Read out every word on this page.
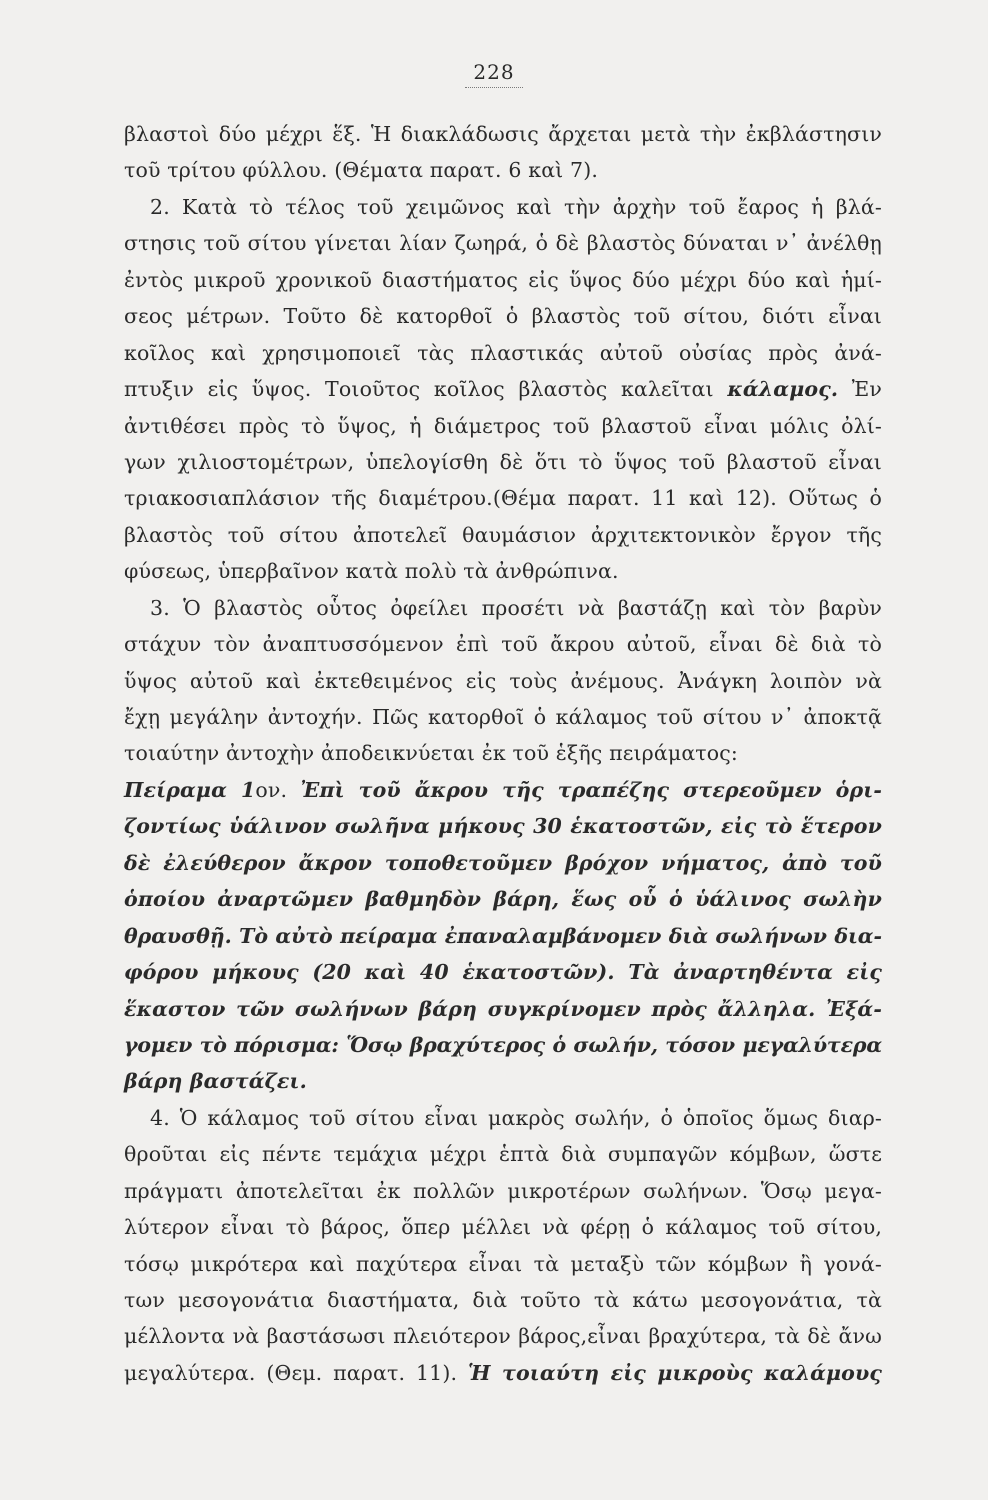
228
βλαστοὶ δύο μέχρι ἕξ. Ἡ διακλάδωσις ἄρχεται μετὰ τὴν ἐκβλάστησιν
τοῦ τρίτου φύλλου. (Θέματα παρατ. 6 καὶ 7).
2. Κατὰ τὸ τέλος τοῦ χειμῶνος καὶ τὴν ἀρχὴν τοῦ ἔαρος ἡ βλά-
στησις τοῦ σίτου γίνεται λίαν ζωηρά, ὁ δὲ βλαστὸς δύναται ν᾿ ἀνέλθῃ
ἐντὸς μικροῦ χρονικοῦ διαστήματος εἰς ὕψος δύο μέχρι δύο καὶ ἡμί-
σεος μέτρων. Τοῦτο δὲ κατορθοῖ ὁ βλαστὸς τοῦ σίτου, διότι εἶναι
κοῖλος καὶ χρησιμοποιεῖ τὰς πλαστικάς αὐτοῦ οὐσίας πρὸς ἀνά-
πτυξιν εἰς ὕψος. Τοιοῦτος κοῖλος βλαστὸς καλεῖται κάλαμος. Ἐν
ἀντιθέσει πρὸς τὸ ὕψος, ἡ διάμετρος τοῦ βλαστοῦ εἶναι μόλις ὀλί-
γων χιλιοστομέτρων, ὑπελογίσθη δὲ ὅτι τὸ ὕψος τοῦ βλαστοῦ εἶναι
τριακοσιαπλάσιον τῆς διαμέτρου.(Θέμα παρατ. 11 καὶ 12). Οὕτως ὁ
βλαστὸς τοῦ σίτου ἀποτελεῖ θαυμάσιον ἀρχιτεκτονικὸν ἔργον τῆς
φύσεως, ὑπερβαῖνον κατὰ πολὺ τὰ ἀνθρώπινα.
3. Ὁ βλαστὸς οὗτος ὀφείλει προσέτι νὰ βαστάζῃ καὶ τὸν βαρὺν
στάχυν τὸν ἀναπτυσσόμενον ἐπὶ τοῦ ἄκρου αὐτοῦ, εἶναι δὲ διὰ τὸ
ὕψος αὐτοῦ καὶ ἐκτεθειμένος εἰς τοὺς ἀνέμους. Ἀνάγκη λοιπὸν νὰ
ἔχῃ μεγάλην ἀντοχήν. Πῶς κατορθοῖ ὁ κάλαμος τοῦ σίτου ν᾿ ἀποκτᾷ
τοιαύτην ἀντοχὴν ἀποδεικνύεται ἐκ τοῦ ἑξῆς πειράματος:
Πείραμα 1ον. Ἐπὶ τοῦ ἄκρου τῆς τραπέζης στερεοῦμεν ὁρι-
ζοντίως ὑάλινον σωλῆνα μήκους 30 ἑκατοστῶν, εἰς τὸ ἕτερον
δὲ ἐλεύθερον ἄκρον τοποθετοῦμεν βρόχον νήματος, ἀπὸ τοῦ
ὁποίου ἀναρτῶμεν βαθμηδὸν βάρη, ἕως οὗ ὁ ὑάλινος σωλὴν
θραυσθῇ. Τὸ αὐτὸ πείραμα ἐπαναλαμβάνομεν διὰ σωλήνων δια-
φόρου μήκους (20 καὶ 40 ἑκατοστῶν). Τὰ ἀναρτηθέντα εἰς
ἕκαστον τῶν σωλήνων βάρη συγκρίνομεν πρὸς ἄλληλα. Ἐξά-
γομεν τὸ πόρισμα: Ὅσῳ βραχύτερος ὁ σωλήν, τόσον μεγαλύτερα
βάρη βαστάζει.
4. Ὁ κάλαμος τοῦ σίτου εἶναι μακρὸς σωλήν, ὁ ὁποῖος ὅμως διαρ-
θροῦται εἰς πέντε τεμάχια μέχρι ἑπτὰ διὰ συμπαγῶν κόμβων, ὥστε
πράγματι ἀποτελεῖται ἐκ πολλῶν μικροτέρων σωλήνων. Ὅσῳ μεγα-
λύτερον εἶναι τὸ βάρος, ὅπερ μέλλει νὰ φέρῃ ὁ κάλαμος τοῦ σίτου,
τόσῳ μικρότερα καὶ παχύτερα εἶναι τὰ μεταξὺ τῶν κόμβων ἢ γονά-
των μεσογονάτια διαστήματα, διὰ τοῦτο τὰ κάτω μεσογονάτια, τὰ
μέλλοντα νὰ βαστάσωσι πλειότερον βάρος,εἶναι βραχύτερα, τὰ δὲ ἄνω
μεγαλύτερα. (Θεμ. παρατ. 11). Ἡ τοιαύτη εἰς μικροὺς καλάμους
